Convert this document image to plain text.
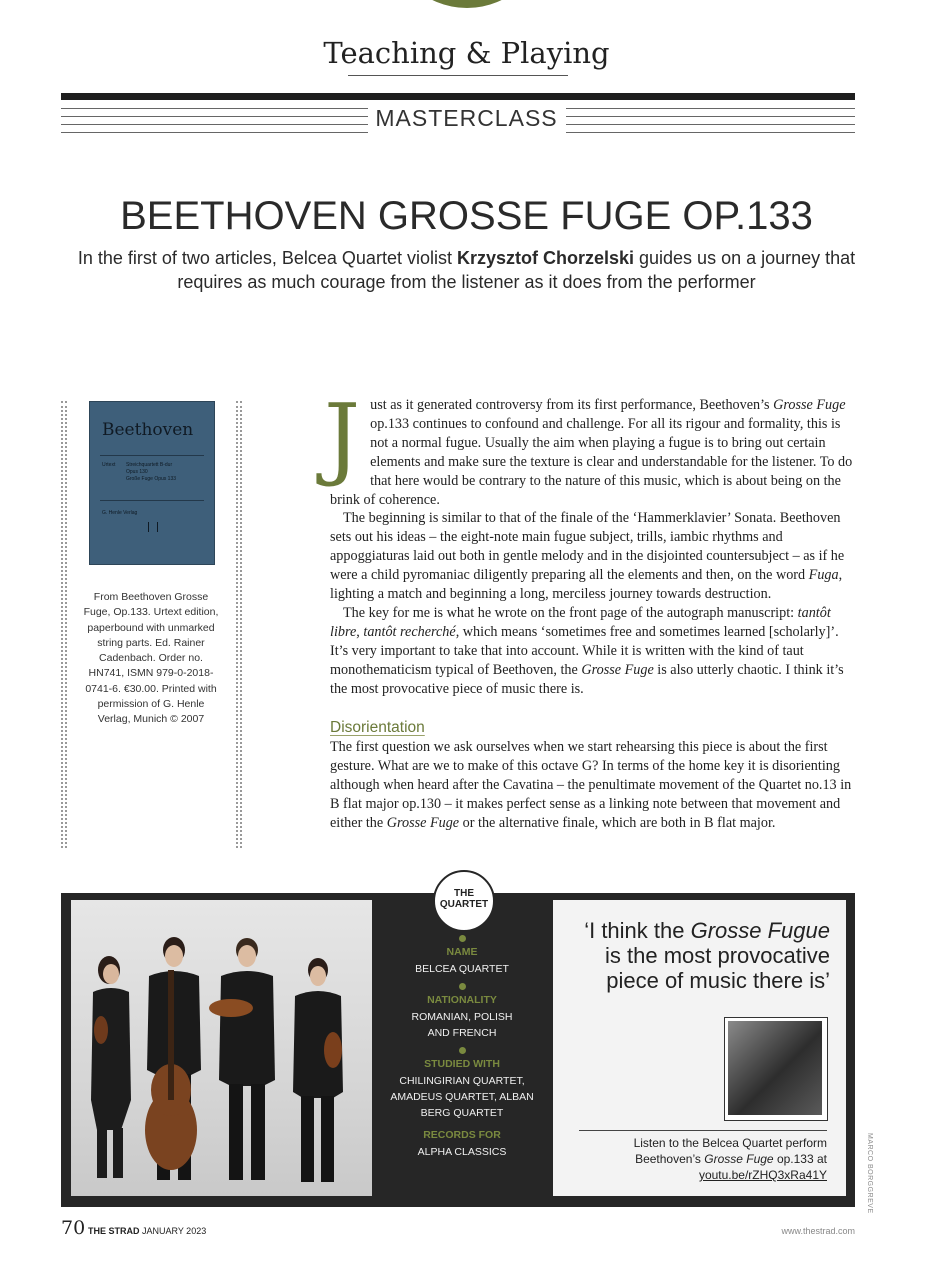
Teaching & Playing
MASTERCLASS
BEETHOVEN GROSSE FUGE OP.133
In the first of two articles, Belcea Quartet violist Krzysztof Chorzelski guides us on a journey that requires as much courage from the listener as it does from the performer
Beethoven
Urtext Streichquartett B-dur
Opus 130
Große Fuge Opus 133
G. Henle Verlag
From Beethoven Grosse Fuge, Op.133. Urtext edition, paperbound with unmarked string parts. Ed. Rainer Cadenbach. Order no. HN741, ISMN 979-0-2018-0741-6. €30.00. Printed with permission of G. Henle Verlag, Munich © 2007

Just as it generated controversy from its first performance, Beethoven’s Grosse Fuge op.133 continues to confound and challenge. For all its rigour and formality, this is not a normal fugue. Usually the aim when playing a fugue is to bring out certain elements and make sure the texture is clear and understandable for the listener. To do that here would be contrary to the nature of this music, which is about being on the brink of coherence.

The beginning is similar to that of the finale of the ‘Hammerklavier’ Sonata. Beethoven sets out his ideas – the eight-note main fugue subject, trills, iambic rhythms and appoggiaturas laid out both in gentle melody and in the disjointed countersubject – as if he were a child pyromaniac diligently preparing all the elements and then, on the word Fuga, lighting a match and beginning a long, merciless journey towards destruction.

The key for me is what he wrote on the front page of the autograph manuscript: tantôt libre, tantôt recherché, which means ‘sometimes free and sometimes learned [scholarly]’. It’s very important to take that into account. While it is written with the kind of taut monothematicism typical of Beethoven, the Grosse Fuge is also utterly chaotic. I think it’s the most provocative piece of music there is.

Disorientation

The first question we ask ourselves when we start rehearsing this piece is about the first gesture. What are we to make of this octave G? In terms of the home key it is disorienting although when heard after the Cavatina – the penultimate movement of the Quartet no.13 in B flat major op.130 – it makes perfect sense as a linking note between that movement and either the Grosse Fuge or the alternative finale, which are both in B flat major.

THE
QUARTET
NAME
BELCEA QUARTET
NATIONALITY
ROMANIAN, POLISH AND FRENCH
STUDIED WITH
CHILINGIRIAN QUARTET, AMADEUS QUARTET, ALBAN BERG QUARTET
RECORDS FOR
ALPHA CLASSICS
‘I think the Grosse Fugue is the most provocative piece of music there is’
Listen to the Belcea Quartet perform Beethoven’s Grosse Fuge op.133 at youtu.be/rZHQ3xRa41Y	MARCO BORGGREVE
70 THE STRAD JANUARY 2023	www.thestrad.com
